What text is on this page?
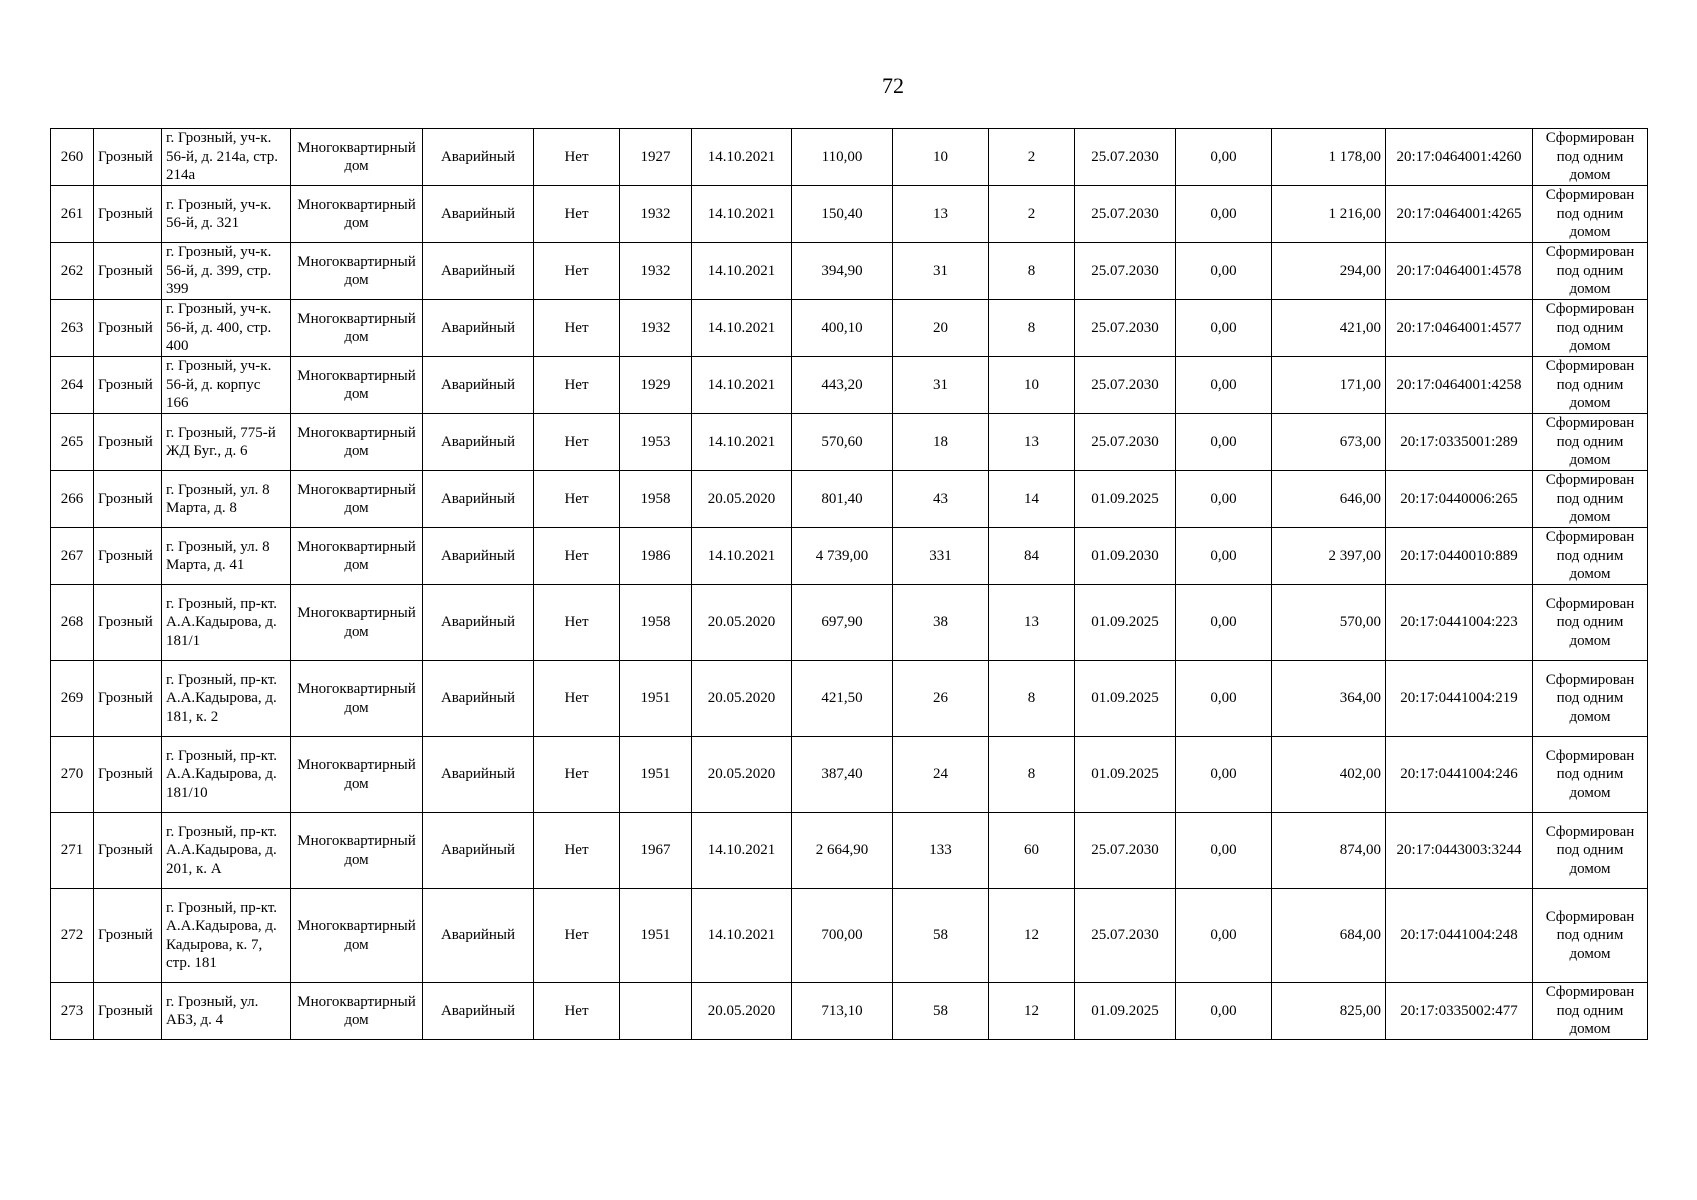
72
260	Грозный	г. Грозный, уч-к. 56-й, д. 214а, стр. 214а	Многоквартирный дом	Аварийный	Нет	1927	14.10.2021	110,00	10	2	25.07.2030	0,00	1 178,00	20:17:0464001:4260	Сформирован под одним домом
261	Грозный	г. Грозный, уч-к. 56-й, д. 321	Многоквартирный дом	Аварийный	Нет	1932	14.10.2021	150,40	13	2	25.07.2030	0,00	1 216,00	20:17:0464001:4265	Сформирован под одним домом
262	Грозный	г. Грозный, уч-к. 56-й, д. 399, стр. 399	Многоквартирный дом	Аварийный	Нет	1932	14.10.2021	394,90	31	8	25.07.2030	0,00	294,00	20:17:0464001:4578	Сформирован под одним домом
263	Грозный	г. Грозный, уч-к. 56-й, д. 400, стр. 400	Многоквартирный дом	Аварийный	Нет	1932	14.10.2021	400,10	20	8	25.07.2030	0,00	421,00	20:17:0464001:4577	Сформирован под одним домом
264	Грозный	г. Грозный, уч-к. 56-й, д. корпус 166	Многоквартирный дом	Аварийный	Нет	1929	14.10.2021	443,20	31	10	25.07.2030	0,00	171,00	20:17:0464001:4258	Сформирован под одним домом
265	Грозный	г. Грозный, 775-й ЖД Буг., д. 6	Многоквартирный дом	Аварийный	Нет	1953	14.10.2021	570,60	18	13	25.07.2030	0,00	673,00	20:17:0335001:289	Сформирован под одним домом
266	Грозный	г. Грозный, ул. 8 Марта, д. 8	Многоквартирный дом	Аварийный	Нет	1958	20.05.2020	801,40	43	14	01.09.2025	0,00	646,00	20:17:0440006:265	Сформирован под одним домом
267	Грозный	г. Грозный, ул. 8 Марта, д. 41	Многоквартирный дом	Аварийный	Нет	1986	14.10.2021	4 739,00	331	84	01.09.2030	0,00	2 397,00	20:17:0440010:889	Сформирован под одним домом
268	Грозный	г. Грозный, пр-кт. А.А.Кадырова, д. 181/1	Многоквартирный дом	Аварийный	Нет	1958	20.05.2020	697,90	38	13	01.09.2025	0,00	570,00	20:17:0441004:223	Сформирован под одним домом
269	Грозный	г. Грозный, пр-кт. А.А.Кадырова, д. 181, к. 2	Многоквартирный дом	Аварийный	Нет	1951	20.05.2020	421,50	26	8	01.09.2025	0,00	364,00	20:17:0441004:219	Сформирован под одним домом
270	Грозный	г. Грозный, пр-кт. А.А.Кадырова, д. 181/10	Многоквартирный дом	Аварийный	Нет	1951	20.05.2020	387,40	24	8	01.09.2025	0,00	402,00	20:17:0441004:246	Сформирован под одним домом
271	Грозный	г. Грозный, пр-кт. А.А.Кадырова, д. 201, к. А	Многоквартирный дом	Аварийный	Нет	1967	14.10.2021	2 664,90	133	60	25.07.2030	0,00	874,00	20:17:0443003:3244	Сформирован под одним домом
272	Грозный	г. Грозный, пр-кт. А.А.Кадырова, д. Кадырова, к. 7, стр. 181	Многоквартирный дом	Аварийный	Нет	1951	14.10.2021	700,00	58	12	25.07.2030	0,00	684,00	20:17:0441004:248	Сформирован под одним домом
273	Грозный	г. Грозный, ул. АБЗ, д. 4	Многоквартирный дом	Аварийный	Нет		20.05.2020	713,10	58	12	01.09.2025	0,00	825,00	20:17:0335002:477	Сформирован под одним домом
